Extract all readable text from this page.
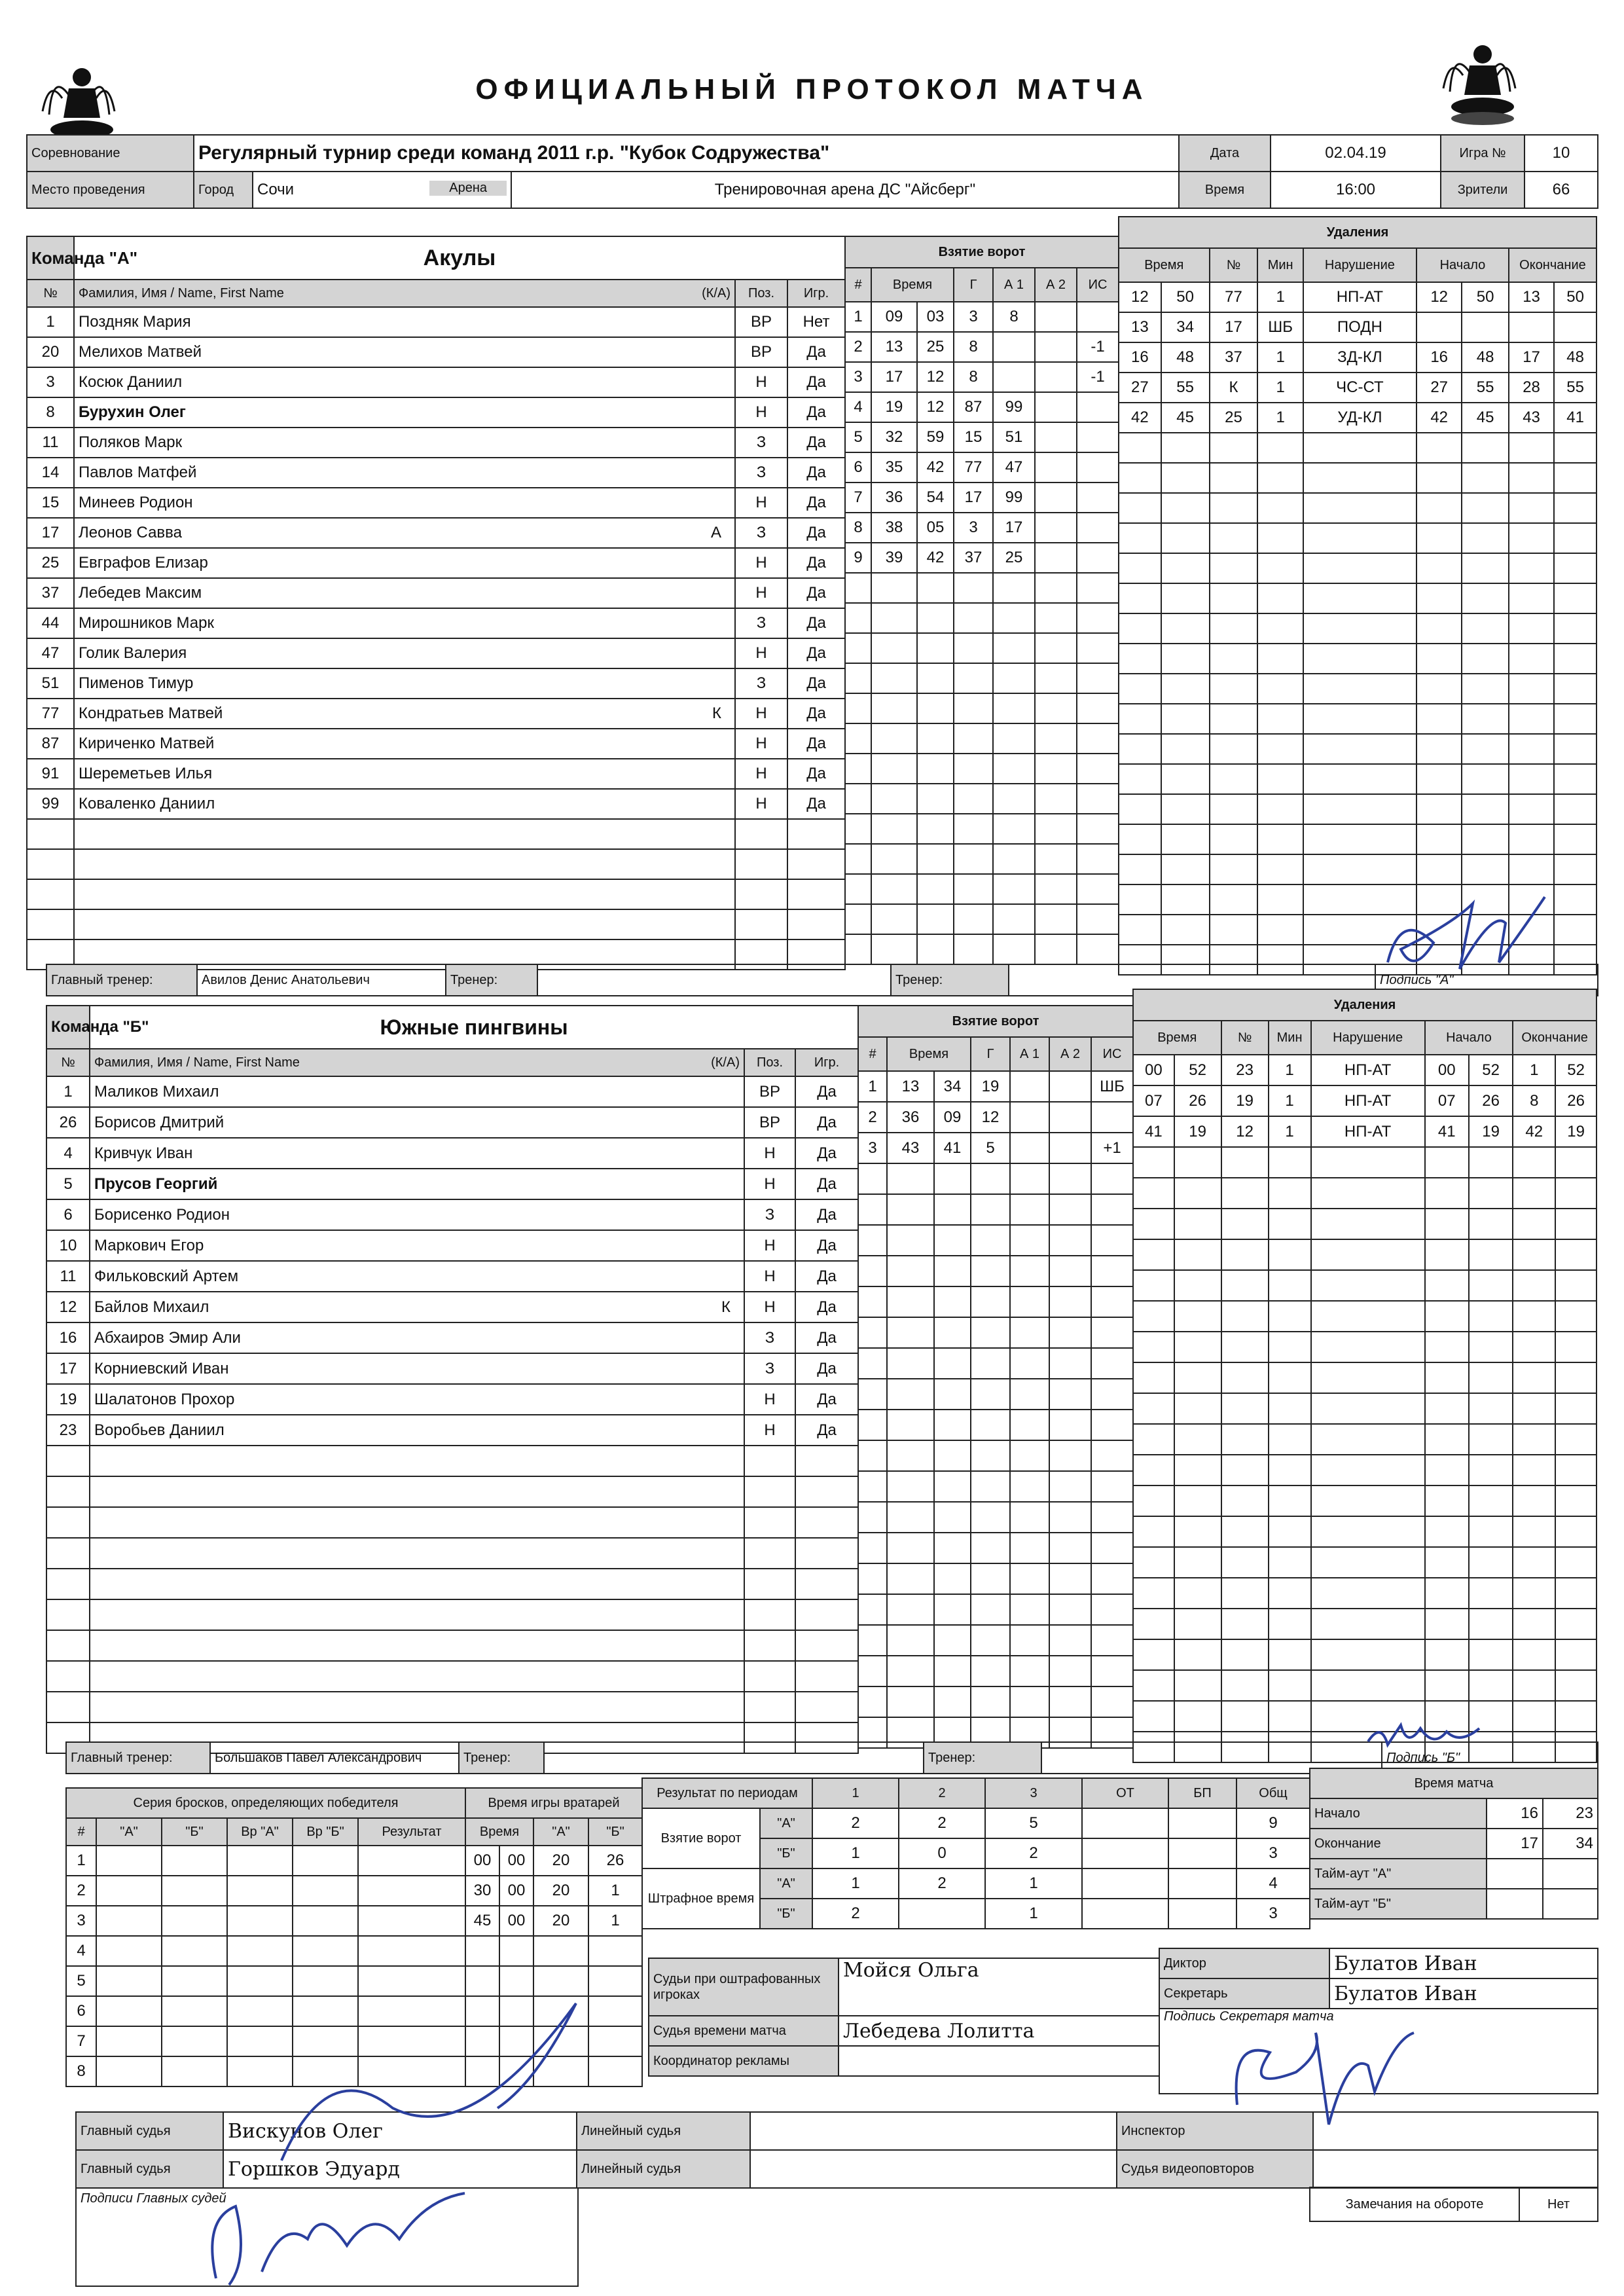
ОФИЦИАЛЬНЫЙ ПРОТОКОЛ МАТЧА
Соревнование	Регулярный турнир среди команд 2011 г.р. "Кубок Содружества"			Дата	02.04.19	Игра №	10
Место проведения	Город	Сочи Арена	Тренировочная арена ДС "Айсберг"	Время	16:00	Зрители	66
Команда "А"	Акулы		
№	Фамилия, Имя / Name, First Name (К/А)	Поз.	Игр.
1	Поздняк Мария	ВР	Нет
20	Мелихов Матвей	ВР	Да
3	Косюк Даниил	Н	Да
8	Бурухин Олег	Н	Да
11	Поляков Марк	З	Да
14	Павлов Матфей	З	Да
15	Минеев Родион	Н	Да
17	Леонов Савва А	З	Да
25	Евграфов Елизар	Н	Да
37	Лебедев Максим	Н	Да
44	Мирошников Марк	З	Да
47	Голик Валерия	Н	Да
51	Пименов Тимур	З	Да
77	Кондратьев Матвей К	Н	Да
87	Кириченко Матвей	Н	Да
91	Шереметьев Илья	Н	Да
99	Коваленко Даниил	Н	Да

Взятие ворот						
#	Время		Г	А 1	А 2	ИС
1	09	03	3	8		
2	13	25	8			-1
3	17	12	8			-1
4	19	12	87	99		
5	32	59	15	51		
6	35	42	77	47		
7	36	54	17	99		
8	38	05	3	17		
9	39	42	37	25		

Удаления								
Время		№	Мин	Нарушение	Начало		Окончание	
12	50	77	1	НП-АТ	12	50	13	50
13	34	17	ШБ	ПОДН				
16	48	37	1	ЗД-КЛ	16	48	17	48
27	55	К	1	ЧС-СТ	27	55	28	55
42	45	25	1	УД-КЛ	42	45	43	41

Главный тренер:	Авилов Денис Анатольевич	Тренер:		Тренер:		Подпись "А"
Команда "Б"	Южные пингвины		
№	Фамилия, Имя / Name, First Name (К/А)	Поз.	Игр.
1	Маликов Михаил	ВР	Да
26	Борисов Дмитрий	ВР	Да
4	Кривчук Иван	Н	Да
5	Прусов Георгий	Н	Да
6	Борисенко Родион	З	Да
10	Маркович Егор	Н	Да
11	Фильковский Артем	Н	Да
12	Байлов Михаил К	Н	Да
16	Абхаиров Эмир Али	З	Да
17	Корниевский Иван	З	Да
19	Шалатонов Прохор	Н	Да
23	Воробьев Даниил	Н	Да

Взятие ворот						
#	Время		Г	А 1	А 2	ИС
1	13	34	19			ШБ
2	36	09	12			
3	43	41	5			+1

Удаления								
Время		№	Мин	Нарушение	Начало		Окончание	
00	52	23	1	НП-АТ	00	52	1	52
07	26	19	1	НП-АТ	07	26	8	26
41	19	12	1	НП-АТ	41	19	42	19

Главный тренер:	Большаков Павел Александрович	Тренер:		Тренер:		Подпись "Б"
Серия бросков, определяющих победителя					
#	"А"	"Б"	Вр "А"	Вр "Б"	Результат
1					
2					
3					
4					
5					
6					
7					
8					
Время игры вратарей			
Время		"А"	"Б"
00	00	20	26
30	00	20	1
45	00	20	1

Результат по периодам		1	2	3	ОТ	БП	Общ
Взятие ворот	"А"	2	2	5			9
	"Б"	1	0	2			3
Штрафное время	"А"	1	2	1			4
	"Б"	2		1			3
Время матча		
Начало	16	23
Окончание	17	34
Тайм-аут "А"		
Тайм-аут "Б"		
Судьи при оштрафованных игроках	Мойся Ольга
Судья времени матча	Лебедева Лолитта
Координатор рекламы	
Диктор	Булатов Иван
Секретарь	Булатов Иван
Подпись Секретаря матча	
Главный судья	Вискунов Олег	Линейный судья		Инспектор	
Главный судья	Горшков Эдуард	Линейный судья		Судья видеоповторов	
Подписи Главных судей	Замечания на обороте	Нет
